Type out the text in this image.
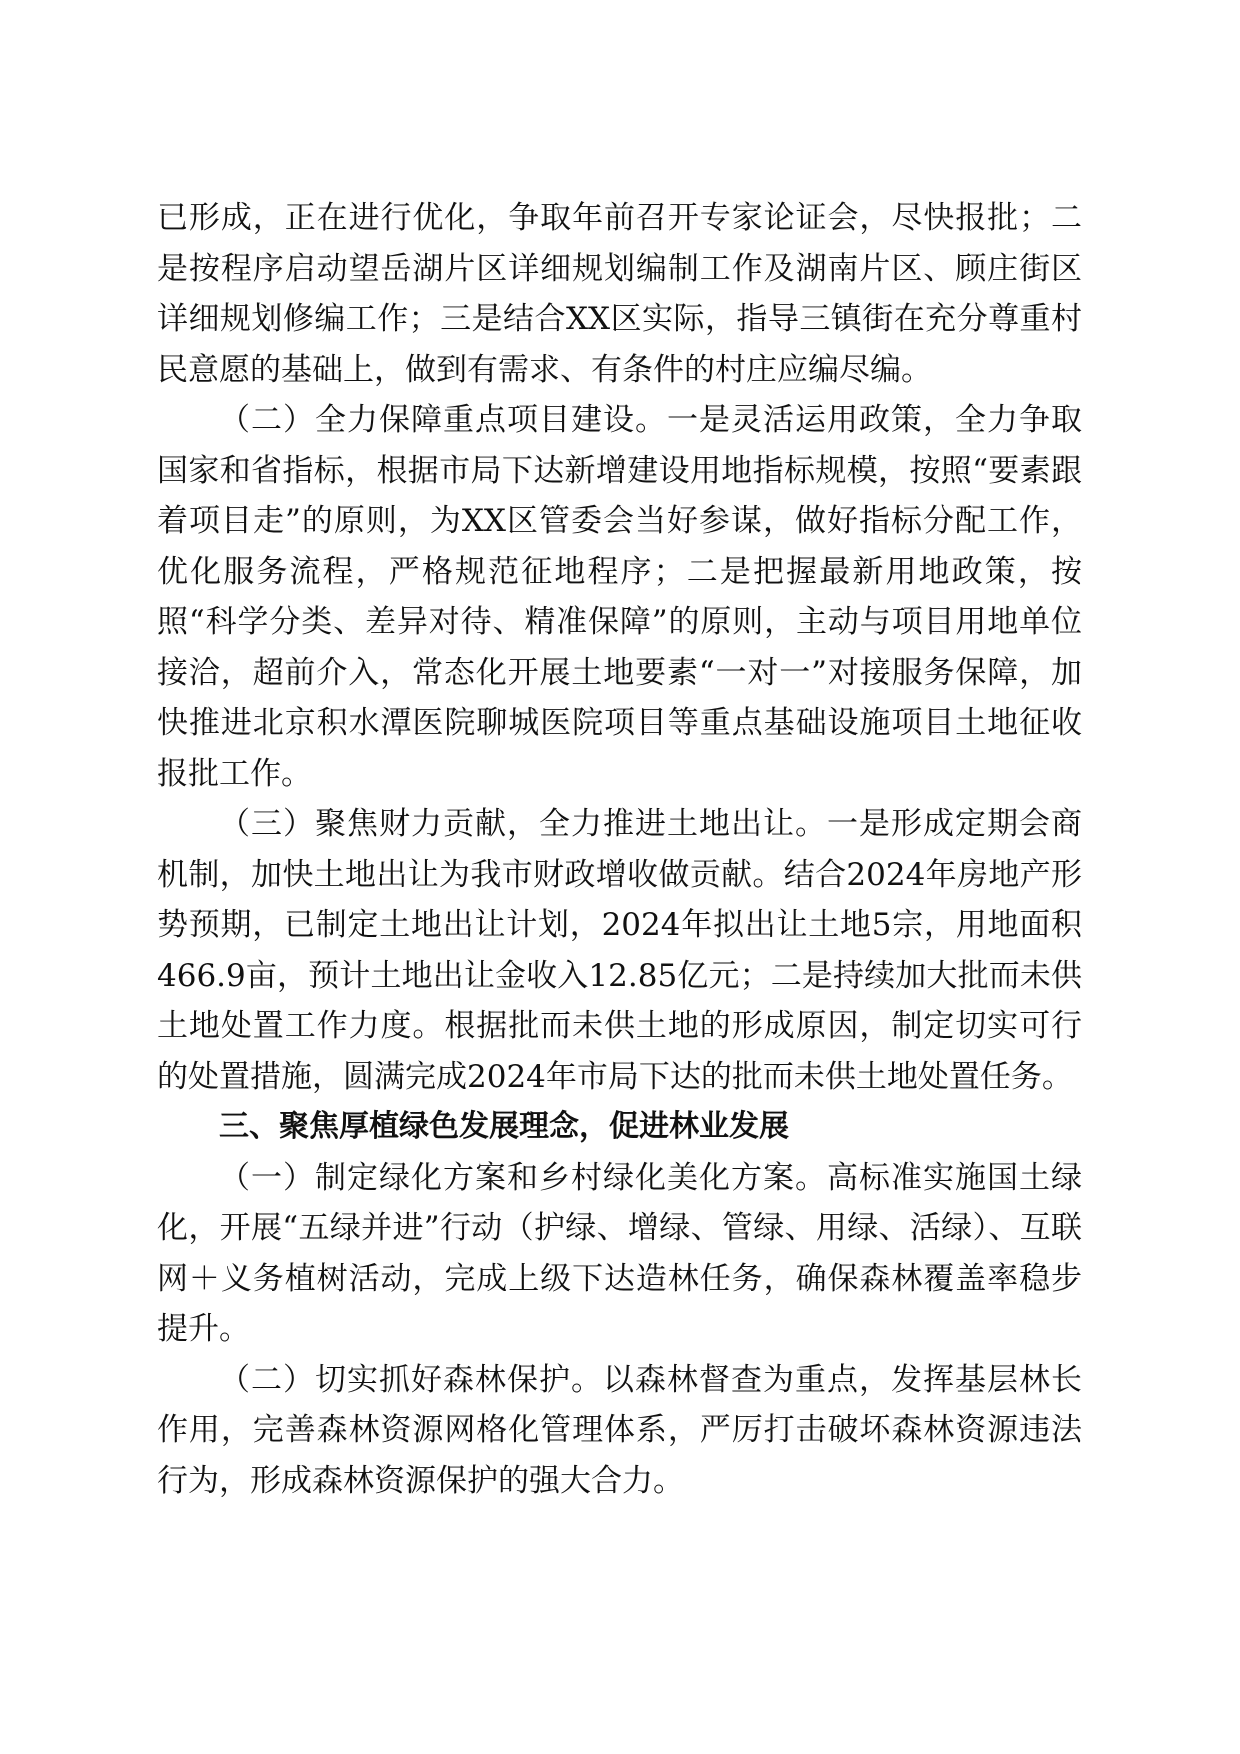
已形成，正在进行优化，争取年前召开专家论证会，尽快报批；二是按程序启动望岳湖片区详细规划编制工作及湖南片区、顾庄街区详细规划修编工作；三是结合XX区实际，指导三镇街在充分尊重村民意愿的基础上，做到有需求、有条件的村庄应编尽编。

（二）全力保障重点项目建设。一是灵活运用政策，全力争取国家和省指标，根据市局下达新增建设用地指标规模，按照“要素跟着项目走”的原则，为XX区管委会当好参谋，做好指标分配工作，优化服务流程，严格规范征地程序；二是把握最新用地政策，按照“科学分类、差异对待、精准保障”的原则，主动与项目用地单位接洽，超前介入，常态化开展土地要素“一对一”对接服务保障，加快推进北京积水潭医院聊城医院项目等重点基础设施项目土地征收报批工作。

（三）聚焦财力贡献，全力推进土地出让。一是形成定期会商机制，加快土地出让为我市财政增收做贡献。结合2024年房地产形势预期，已制定土地出让计划，2024年拟出让土地5宗，用地面积466.9亩，预计土地出让金收入12.85亿元；二是持续加大批而未供土地处置工作力度。根据批而未供土地的形成原因，制定切实可行的处置措施，圆满完成2024年市局下达的批而未供土地处置任务。

三、聚焦厚植绿色发展理念，促进林业发展

（一）制定绿化方案和乡村绿化美化方案。高标准实施国土绿化，开展“五绿并进”行动（护绿、增绿、管绿、用绿、活绿）、互联网＋义务植树活动，完成上级下达造林任务，确保森林覆盖率稳步提升。

（二）切实抓好森林保护。以森林督查为重点，发挥基层林长作用，完善森林资源网格化管理体系，严厉打击破坏森林资源违法行为，形成森林资源保护的强大合力。
